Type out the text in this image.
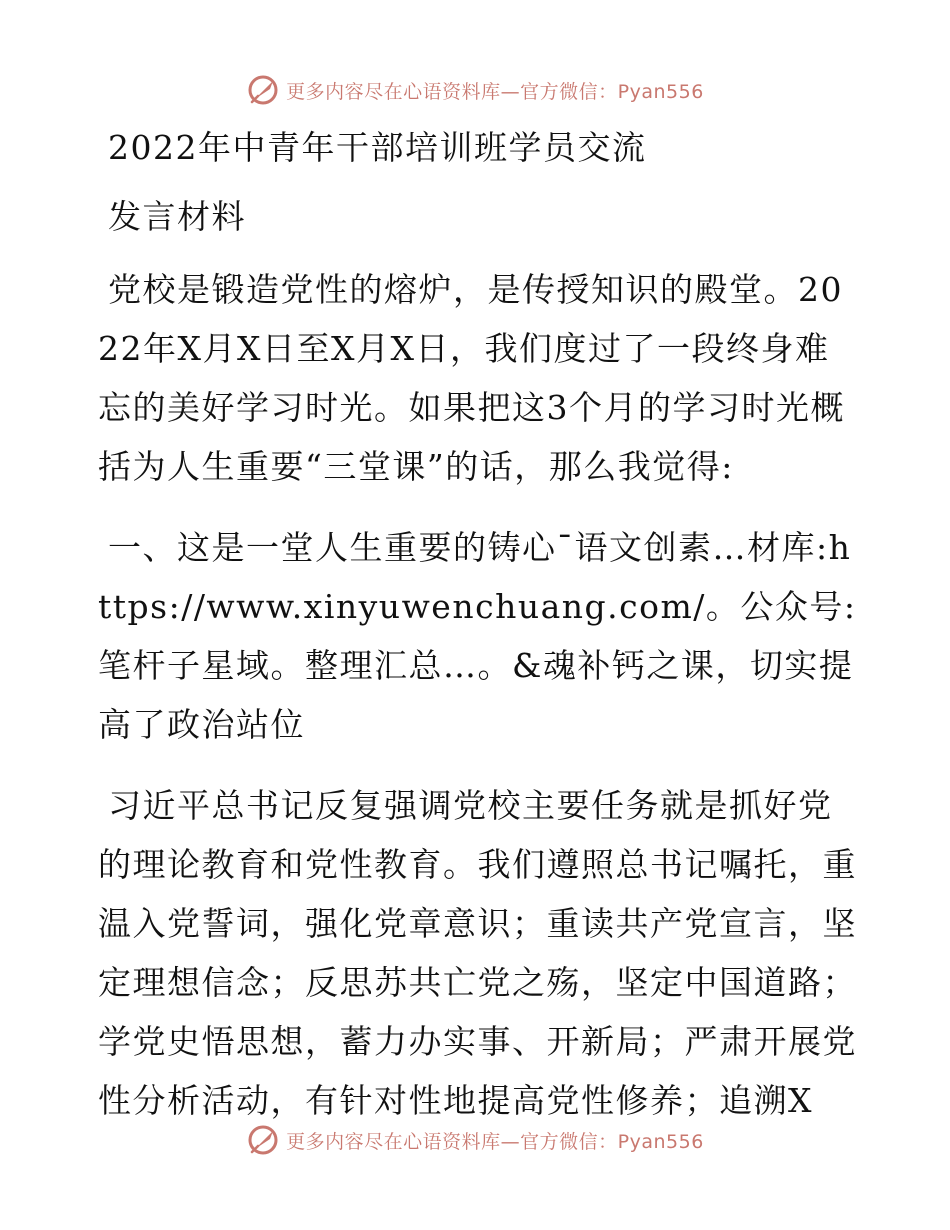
更多内容尽在心语资料库—官方微信：Pyan556

2022年中青年干部培训班学员交流

发言材料

党校是锻造党性的熔炉，是传授知识的殿堂。2022年X月X日至X月X日，我们度过了一段终身难忘的美好学习时光。如果把这3个月的学习时光概括为人生重要“三堂课”的话，那么我觉得:

一、这是一堂人生重要的铸心¯语文创素…材库:https://www.xinyuwenchuang.com/。公众号: 笔杆子星域。整理汇总…。&魂补钙之课，切实提高了政治站位

习近平总书记反复强调党校主要任务就是抓好党的理论教育和党性教育。我们遵照总书记嘱托，重温入党誓词，强化党章意识；重读共产党宣言，坚定理想信念；反思苏共亡党之殇，坚定中国道路；学党史悟思想，蓄力办实事、开新局；严肃开展党性分析活动，有针对性地提高党性修养；追溯X

更多内容尽在心语资料库—官方微信：Pyan556
